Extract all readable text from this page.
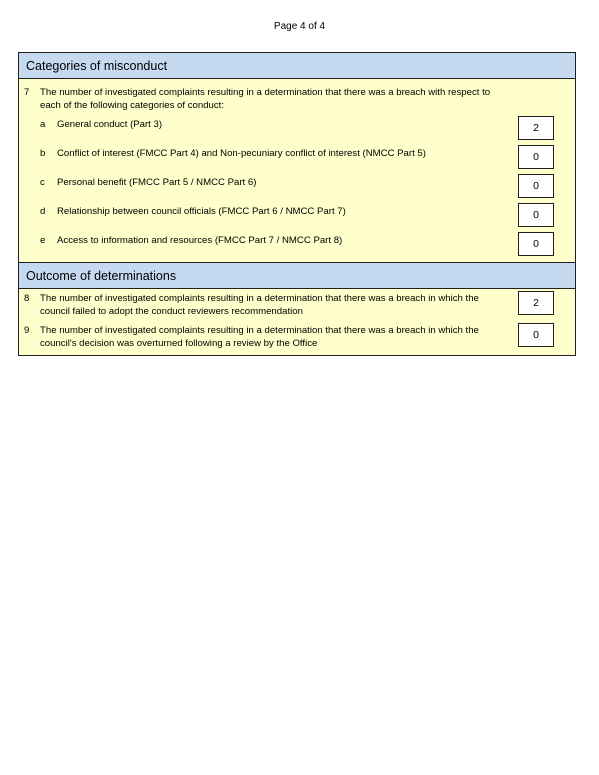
Page 4 of 4
Categories of misconduct
7 The number of investigated complaints resulting in a determination that there was a breach with respect to each of the following categories of conduct:
a General conduct (Part 3)	2
b Conflict of interest (FMCC Part 4) and Non-pecuniary conflict of interest (NMCC Part 5)	0
c Personal benefit (FMCC Part 5 / NMCC Part 6)	0
d Relationship between council officials (FMCC Part 6 / NMCC Part 7)	0
e Access to information and resources (FMCC Part 7 / NMCC Part 8)	0
Outcome of determinations
8 The number of investigated complaints resulting in a determination that there was a breach in which the council failed to adopt the conduct reviewers recommendation
2
9 The number of investigated complaints resulting in a determination that there was a breach in which the council's decision was overturned following a review by the Office
0
